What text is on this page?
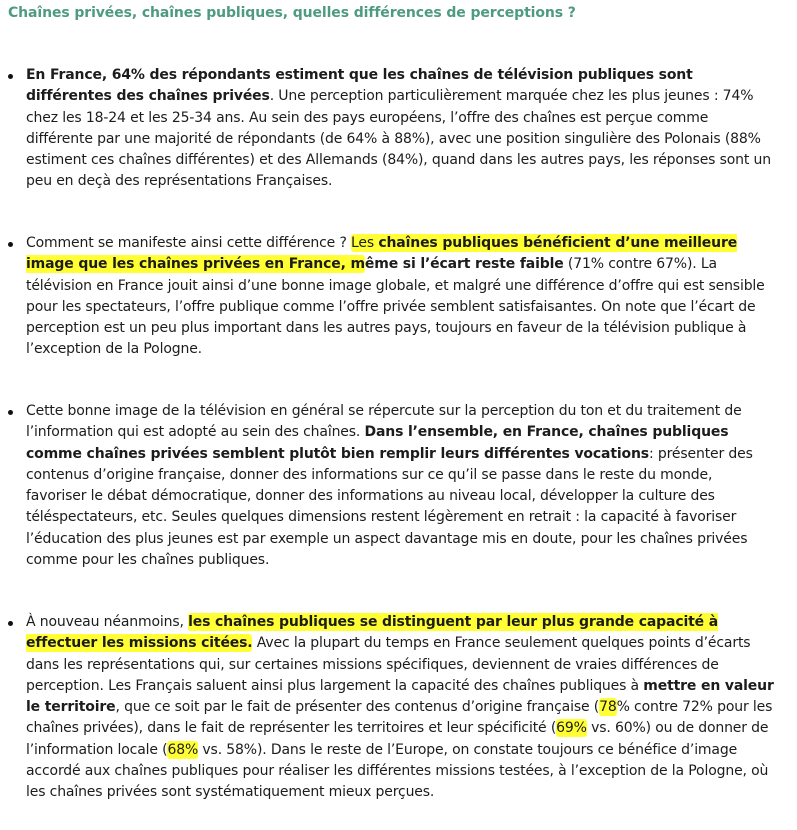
Chaînes privées, chaînes publiques, quelles différences de perceptions ?
En France, 64% des répondants estiment que les chaînes de télévision publiques sont différentes des chaînes privées. Une perception particulièrement marquée chez les plus jeunes : 74% chez les 18-24 et les 25-34 ans. Au sein des pays européens, l’offre des chaînes est perçue comme différente par une majorité de répondants (de 64% à 88%), avec une position singulière des Polonais (88% estiment ces chaînes différentes) et des Allemands (84%), quand dans les autres pays, les réponses sont un peu en deçà des représentations Françaises.
Comment se manifeste ainsi cette différence ? Les chaînes publiques bénéficient d’une meilleure image que les chaînes privées en France, même si l’écart reste faible (71% contre 67%). La télévision en France jouit ainsi d’une bonne image globale, et malgré une différence d’offre qui est sensible pour les spectateurs, l’offre publique comme l’offre privée semblent satisfaisantes. On note que l’écart de perception est un peu plus important dans les autres pays, toujours en faveur de la télévision publique à l’exception de la Pologne.
Cette bonne image de la télévision en général se répercute sur la perception du ton et du traitement de l’information qui est adopté au sein des chaînes. Dans l’ensemble, en France, chaînes publiques comme chaînes privées semblent plutôt bien remplir leurs différentes vocations: présenter des contenus d’origine française, donner des informations sur ce qu’il se passe dans le reste du monde, favoriser le débat démocratique, donner des informations au niveau local, développer la culture des téléspectateurs, etc. Seules quelques dimensions restent légèrement en retrait : la capacité à favoriser l’éducation des plus jeunes est par exemple un aspect davantage mis en doute, pour les chaînes privées comme pour les chaînes publiques.
À nouveau néanmoins, les chaînes publiques se distinguent par leur plus grande capacité à effectuer les missions citées. Avec la plupart du temps en France seulement quelques points d’écarts dans les représentations qui, sur certaines missions spécifiques, deviennent de vraies différences de perception. Les Français saluent ainsi plus largement la capacité des chaînes publiques à mettre en valeur le territoire, que ce soit par le fait de présenter des contenus d’origine française (78% contre 72% pour les chaînes privées), dans le fait de représenter les territoires et leur spécificité (69% vs. 60%) ou de donner de l’information locale (68% vs. 58%). Dans le reste de l’Europe, on constate toujours ce bénéfice d’image accordé aux chaînes publiques pour réaliser les différentes missions testées, à l’exception de la Pologne, où les chaînes privées sont systématiquement mieux perçues.
